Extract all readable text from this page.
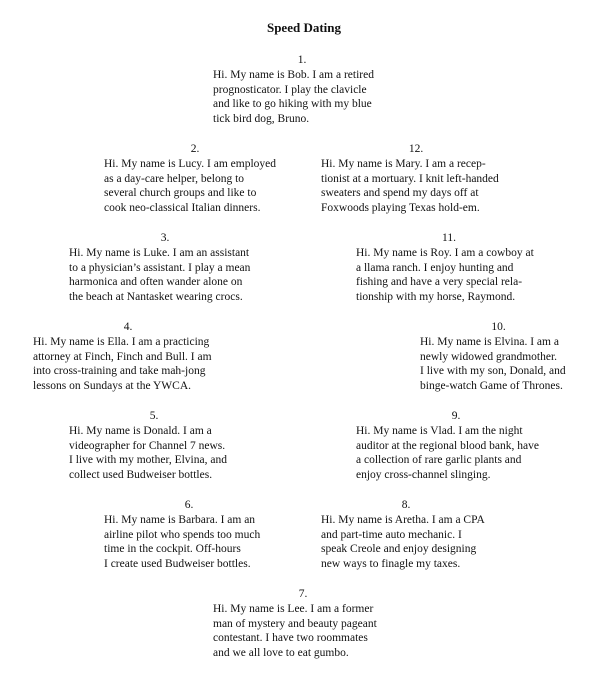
Speed Dating
1.
Hi. My name is Bob. I am a retired
prognosticator. I play the clavicle
and like to go hiking with my blue
tick bird dog, Bruno.
2.
Hi. My name is Lucy. I am employed
as a day-care helper, belong to
several church groups and like to
cook neo-classical Italian dinners.
12.
Hi. My name is Mary. I am a recep-
tionist at a mortuary. I knit left-handed
sweaters and spend my days off at
Foxwoods playing Texas hold-em.
3.
Hi. My name is Luke. I am an assistant
to a physician’s assistant. I play a mean
harmonica and often wander alone on
the beach at Nantasket wearing crocs.
11.
Hi. My name is Roy. I am a cowboy at
a llama ranch. I enjoy hunting and
fishing and have a very special rela-
tionship with my horse, Raymond.
4.
Hi. My name is Ella. I am a practicing
attorney at Finch, Finch and Bull. I am
into cross-training and take mah-jong
lessons on Sundays at the YWCA.
10.
Hi. My name is Elvina. I am a
newly widowed grandmother.
I live with my son, Donald, and
binge-watch Game of Thrones.
5.
Hi. My name is Donald. I am a
videographer for Channel 7 news.
I live with my mother, Elvina, and
collect used Budweiser bottles.
9.
Hi. My name is Vlad. I am the night
auditor at the regional blood bank, have
a collection of rare garlic plants and
enjoy cross-channel slinging.
6.
Hi. My name is Barbara. I am an
airline pilot who spends too much
time in the cockpit. Off-hours
I create used Budweiser bottles.
8.
Hi. My name is Aretha. I am a CPA
and part-time auto mechanic. I
speak Creole and enjoy designing
new ways to finagle my taxes.
7.
Hi. My name is Lee. I am a former
man of mystery and beauty pageant
contestant. I have two roommates
and we all love to eat gumbo.
